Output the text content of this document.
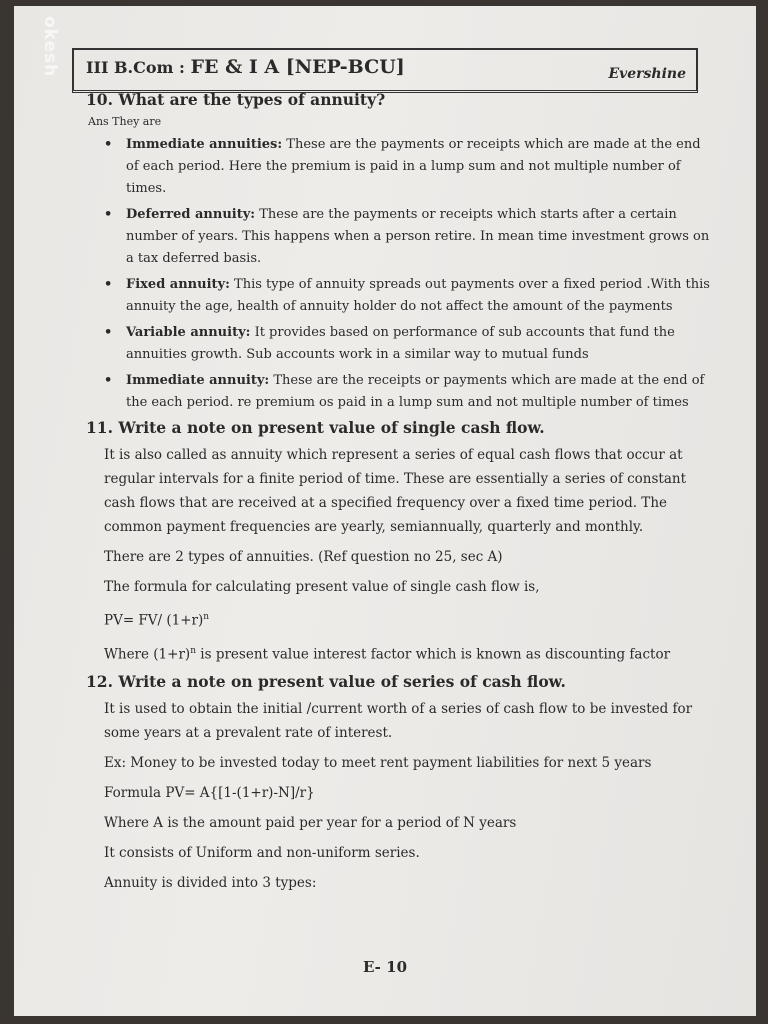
okesh III B.Com : FE & I A [NEP-BCU]	Evershine
10. What are the types of annuity?
Ans They are
• Immediate annuities: These are the payments or receipts which are made at the end of each period. Here the premium is paid in a lump sum and not multiple number of times.
• Deferred annuity: These are the payments or receipts which starts after a certain number of years. This happens when a person retire. In mean time investment grows on a tax deferred basis.
• Fixed annuity: This type of annuity spreads out payments over a fixed period .With this annuity the age, health of annuity holder do not affect the amount of the payments
• Variable annuity: It provides based on performance of sub accounts that fund the annuities growth. Sub accounts work in a similar way to mutual funds
• Immediate annuity: These are the receipts or payments which are made at the end of the each period. re premium os paid in a lump sum and not multiple number of times
11. Write a note on present value of single cash flow.

It is also called as annuity which represent a series of equal cash flows that occur at regular intervals for a finite period of time. These are essentially a series of constant cash flows that are received at a specified frequency over a fixed time period. The common payment frequencies are yearly, semiannually, quarterly and monthly.

There are 2 types of annuities. (Ref question no 25, sec A)

The formula for calculating present value of single cash flow is,

PV= FV/ $(1+r)^n$

Where $(1+r)^n$ is present value interest factor which is known as discounting factor

12. Write a note on present value of series of cash flow.

It is used to obtain the initial /current worth of a series of cash flow to be invested for some years at a prevalent rate of interest.

Ex: Money to be invested today to meet rent payment liabilities for next 5 years

Formula PV= A{[1-(1+r)-N]/r}

Where A is the amount paid per year for a period of N years

It consists of Uniform and non-uniform series.

Annuity is divided into 3 types:

E- 10
